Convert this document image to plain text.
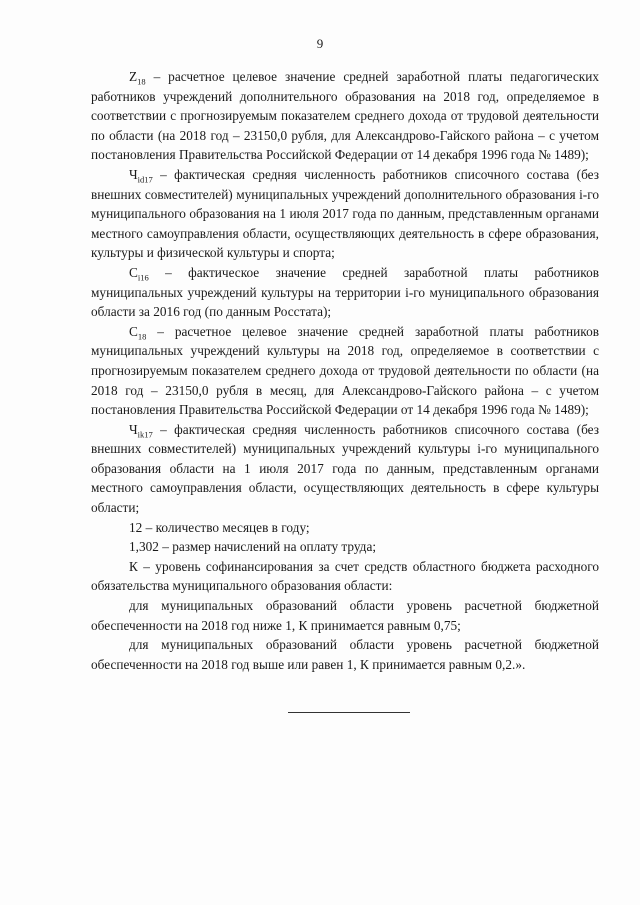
9

$Z_{18}$ – расчетное целевое значение средней заработной платы педагогических работников учреждений дополнительного образования на 2018 год, определяемое в соответствии с прогнозируемым показателем среднего дохода от трудовой деятельности по области (на 2018 год – 23150,0 рубля, для Александрово-Гайского района – с учетом постановления Правительства Российской Федерации от 14 декабря 1996 года № 1489);

$Ч_{id17}$ – фактическая средняя численность работников списочного состава (без внешних совместителей) муниципальных учреждений дополнительного образования i-го муниципального образования на 1 июля 2017 года по данным, представленным органами местного самоуправления области, осуществляющих деятельность в сфере образования, культуры и физической культуры и спорта;

$C_{i16}$ – фактическое значение средней заработной платы работников муниципальных учреждений культуры на территории i-го муниципального образования области за 2016 год (по данным Росстата);

$C_{18}$ – расчетное целевое значение средней заработной платы работников муниципальных учреждений культуры на 2018 год, определяемое в соответствии с прогнозируемым показателем среднего дохода от трудовой деятельности по области (на 2018 год – 23150,0 рубля в месяц, для Александрово-Гайского района – с учетом постановления Правительства Российской Федерации от 14 декабря 1996 года № 1489);

$Ч_{ik17}$ – фактическая средняя численность работников списочного состава (без внешних совместителей) муниципальных учреждений культуры i-го муниципального образования области на 1 июля 2017 года по данным, представленным органами местного самоуправления области, осуществляющих деятельность в сфере культуры области;

12 – количество месяцев в году;

1,302 – размер начислений на оплату труда;

К – уровень софинансирования за счет средств областного бюджета расходного обязательства муниципального образования области:

для муниципальных образований области уровень расчетной бюджетной обеспеченности на 2018 год ниже 1, К принимается равным 0,75;

для муниципальных образований области уровень расчетной бюджетной обеспеченности на 2018 год выше или равен 1, К принимается равным 0,2.».
